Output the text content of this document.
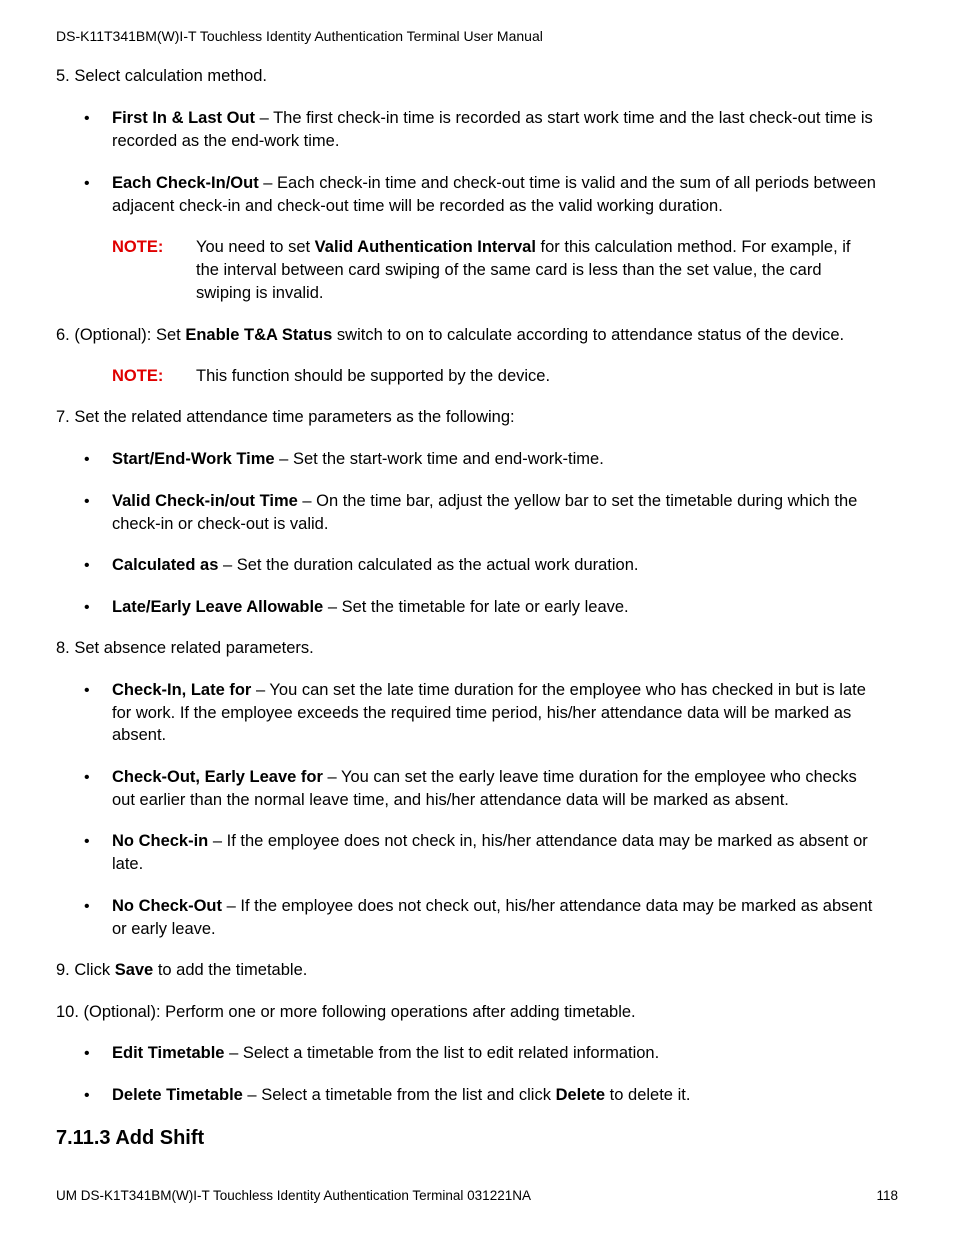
DS-K11T341BM(W)I-T Touchless Identity Authentication Terminal User Manual
5. Select calculation method.
• First In & Last Out – The first check-in time is recorded as start work time and the last check-out time is
recorded as the end-work time.
• Each Check-In/Out – Each check-in time and check-out time is valid and the sum of all periods between
adjacent check-in and check-out time will be recorded as the valid working duration.
NOTE: You need to set Valid Authentication Interval for this calculation method. For example, if
the interval between card swiping of the same card is less than the set value, the card
swiping is invalid.
6. (Optional): Set Enable T&A Status switch to on to calculate according to attendance status of the device.
NOTE: This function should be supported by the device.
7. Set the related attendance time parameters as the following:
• Start/End-Work Time – Set the start-work time and end-work-time.
• Valid Check-in/out Time – On the time bar, adjust the yellow bar to set the timetable during which the
check-in or check-out is valid.
• Calculated as – Set the duration calculated as the actual work duration.
• Late/Early Leave Allowable – Set the timetable for late or early leave.
8. Set absence related parameters.
• Check-In, Late for – You can set the late time duration for the employee who has checked in but is late
for work. If the employee exceeds the required time period, his/her attendance data will be marked as
absent.
• Check-Out, Early Leave for – You can set the early leave time duration for the employee who checks
out earlier than the normal leave time, and his/her attendance data will be marked as absent.
• No Check-in – If the employee does not check in, his/her attendance data may be marked as absent or
late.
• No Check-Out – If the employee does not check out, his/her attendance data may be marked as absent
or early leave.
9. Click Save to add the timetable.
10. (Optional): Perform one or more following operations after adding timetable.
• Edit Timetable – Select a timetable from the list to edit related information.
• Delete Timetable – Select a timetable from the list and click Delete to delete it.
7.11.3 Add Shift
UM DS-K1T341BM(W)I-T Touchless Identity Authentication Terminal 031221NA	118
